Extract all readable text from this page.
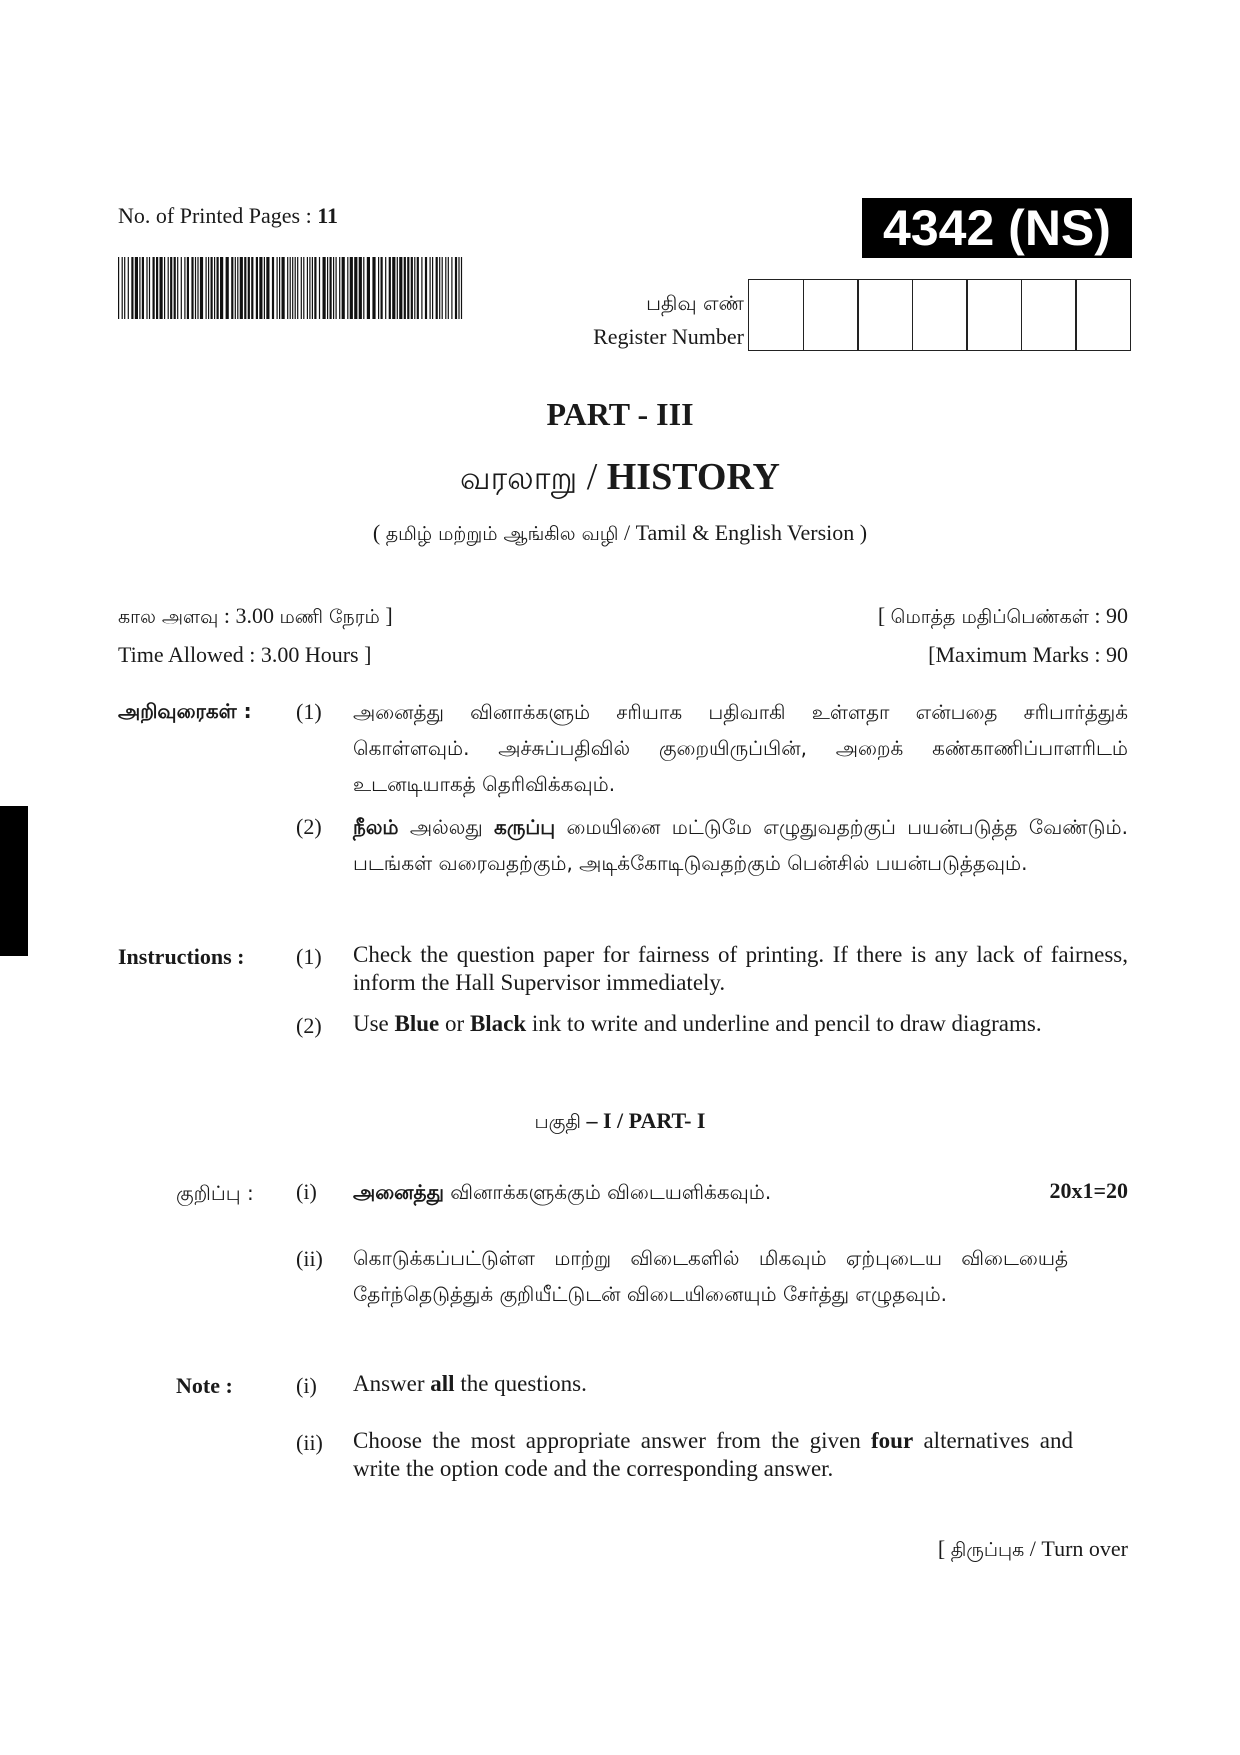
No. of Printed Pages : 11	4342 (NS)
பதிவு எண்
Register Number
PART - III
வரலாறு / HISTORY
( தமிழ் மற்றும் ஆங்கில வழி / Tamil & English Version )
கால அளவு : 3.00 மணி நேரம் ]	[ மொத்த மதிப்பெண்கள் : 90
Time Allowed : 3.00 Hours ]	[Maximum Marks : 90
அறிவுரைகள் : (1) அனைத்து வினாக்களும் சரியாக பதிவாகி உள்ளதா என்பதை சரிபார்த்துக் கொள்ளவும். அச்சுப்பதிவில் குறையிருப்பின், அறைக் கண்காணிப்பாளரிடம் உடனடியாகத் தெரிவிக்கவும்.
(2) நீலம் அல்லது கருப்பு மையினை மட்டுமே எழுதுவதற்குப் பயன்படுத்த வேண்டும். படங்கள் வரைவதற்கும், அடிக்கோடிடுவதற்கும் பென்சில் பயன்படுத்தவும்.
Instructions : (1) Check the question paper for fairness of printing. If there is any lack of fairness, inform the Hall Supervisor immediately.
(2) Use Blue or Black ink to write and underline and pencil to draw diagrams.
பகுதி – I / PART- I
குறிப்பு : (i) அனைத்து வினாக்களுக்கும் விடையளிக்கவும்.	20x1=20
(ii) கொடுக்கப்பட்டுள்ள மாற்று விடைகளில் மிகவும் ஏற்புடைய விடையைத் தேர்ந்தெடுத்துக் குறியீட்டுடன் விடையினையும் சேர்த்து எழுதவும்.
Note :	(i) Answer all the questions.
(ii) Choose the most appropriate answer from the given four alternatives and write the option code and the corresponding answer.
[ திருப்புக / Turn over
